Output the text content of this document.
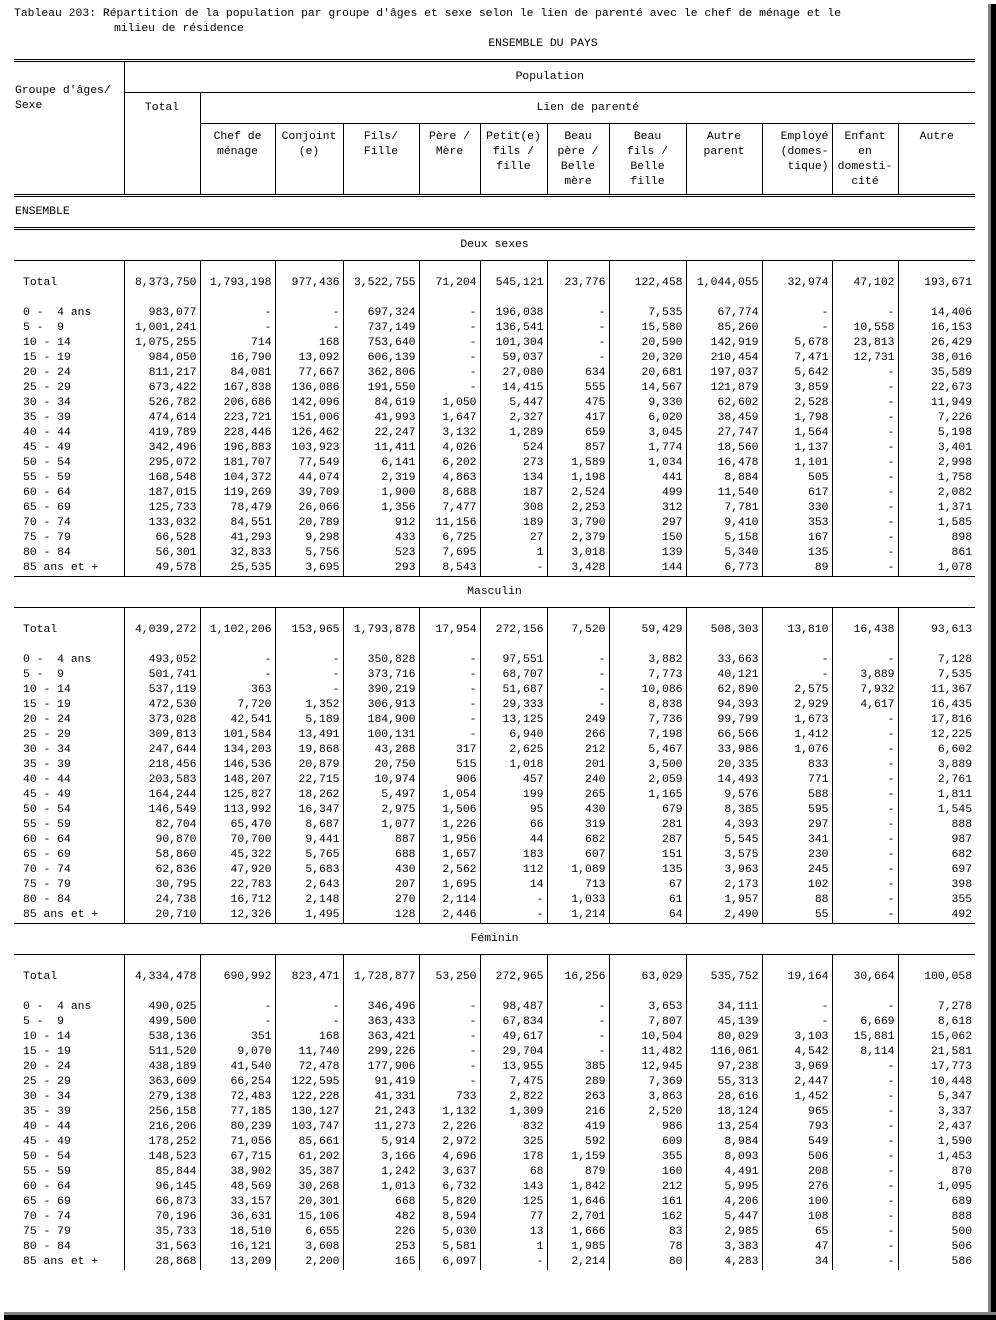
Tableau 203: Répartition de la population par groupe d'âges et sexe selon le lien de parenté avec le chef de ménage et le
milieu de résidence
ENSEMBLE DU PAYS
Groupe d'âges/
Sexe	Population											
	Total	Lien de parenté										

Chef de
ménage

Conjoint
(e)

Fils/
Fille

Père /
Mère

Petit(e)
fils /
fille

Beau
père /
Belle
mère

Beau
fils /
Belle
fille

Autre
parent

Employé
(domes-
tique)

Enfant
en
domesti-
cité

Autre

ENSEMBLE												
Deux sexes												

Total	8,373,750	1,793,198	977,436	3,522,755	71,204	545,121	23,776	122,458	1,044,055	32,974	47,102	193,671

0 -  4 ans	983,077	-	-	697,324	-	196,038	-	7,535	67,774	-	-	14,406
5 -  9	1,001,241	-	-	737,149	-	136,541	-	15,580	85,260	-	10,558	16,153
10 - 14	1,075,255	714	168	753,640	-	101,304	-	20,590	142,919	5,678	23,813	26,429
15 - 19	984,050	16,790	13,092	606,139	-	59,037	-	20,320	210,454	7,471	12,731	38,016
20 - 24	811,217	84,081	77,667	362,806	-	27,080	634	20,681	197,037	5,642	-	35,589
25 - 29	673,422	167,838	136,086	191,550	-	14,415	555	14,567	121,879	3,859	-	22,673
30 - 34	526,782	206,686	142,096	84,619	1,050	5,447	475	9,330	62,602	2,528	-	11,949
35 - 39	474,614	223,721	151,006	41,993	1,647	2,327	417	6,020	38,459	1,798	-	7,226
40 - 44	419,789	228,446	126,462	22,247	3,132	1,289	659	3,045	27,747	1,564	-	5,198
45 - 49	342,496	196,883	103,923	11,411	4,026	524	857	1,774	18,560	1,137	-	3,401
50 - 54	295,072	181,707	77,549	6,141	6,202	273	1,589	1,034	16,478	1,101	-	2,998
55 - 59	168,548	104,372	44,074	2,319	4,863	134	1,198	441	8,884	505	-	1,758
60 - 64	187,015	119,269	39,709	1,900	8,688	187	2,524	499	11,540	617	-	2,082
65 - 69	125,733	78,479	26,066	1,356	7,477	308	2,253	312	7,781	330	-	1,371
70 - 74	133,032	84,551	20,789	912	11,156	189	3,790	297	9,410	353	-	1,585
75 - 79	66,528	41,293	9,298	433	6,725	27	2,379	150	5,158	167	-	898
80 - 84	56,301	32,833	5,756	523	7,695	1	3,018	139	5,340	135	-	861
85 ans et +	49,578	25,535	3,695	293	8,543	-	3,428	144	6,773	89	-	1,078
Masculin												

Total	4,039,272	1,102,206	153,965	1,793,878	17,954	272,156	7,520	59,429	508,303	13,810	16,438	93,613

0 -  4 ans	493,052	-	-	350,828	-	97,551	-	3,882	33,663	-	-	7,128
5 -  9	501,741	-	-	373,716	-	68,707	-	7,773	40,121	-	3,889	7,535
10 - 14	537,119	363	-	390,219	-	51,687	-	10,086	62,890	2,575	7,932	11,367
15 - 19	472,530	7,720	1,352	306,913	-	29,333	-	8,838	94,393	2,929	4,617	16,435
20 - 24	373,028	42,541	5,189	184,900	-	13,125	249	7,736	99,799	1,673	-	17,816
25 - 29	309,813	101,584	13,491	100,131	-	6,940	266	7,198	66,566	1,412	-	12,225
30 - 34	247,644	134,203	19,868	43,288	317	2,625	212	5,467	33,986	1,076	-	6,602
35 - 39	218,456	146,536	20,879	20,750	515	1,018	201	3,500	20,335	833	-	3,889
40 - 44	203,583	148,207	22,715	10,974	906	457	240	2,059	14,493	771	-	2,761
45 - 49	164,244	125,827	18,262	5,497	1,054	199	265	1,165	9,576	588	-	1,811
50 - 54	146,549	113,992	16,347	2,975	1,506	95	430	679	8,385	595	-	1,545
55 - 59	82,704	65,470	8,687	1,077	1,226	66	319	281	4,393	297	-	888
60 - 64	90,870	70,700	9,441	887	1,956	44	682	287	5,545	341	-	987
65 - 69	58,860	45,322	5,765	688	1,657	183	607	151	3,575	230	-	682
70 - 74	62,836	47,920	5,683	430	2,562	112	1,089	135	3,963	245	-	697
75 - 79	30,795	22,783	2,643	207	1,695	14	713	67	2,173	102	-	398
80 - 84	24,738	16,712	2,148	270	2,114	-	1,033	61	1,957	88	-	355
85 ans et +	20,710	12,326	1,495	128	2,446	-	1,214	64	2,490	55	-	492
Féminin												

Total	4,334,478	690,992	823,471	1,728,877	53,250	272,965	16,256	63,029	535,752	19,164	30,664	100,058

0 -  4 ans	490,025	-	-	346,496	-	98,487	-	3,653	34,111	-	-	7,278
5 -  9	499,500	-	-	363,433	-	67,834	-	7,807	45,139	-	6,669	8,618
10 - 14	538,136	351	168	363,421	-	49,617	-	10,504	80,029	3,103	15,881	15,062
15 - 19	511,520	9,070	11,740	299,226	-	29,704	-	11,482	116,061	4,542	8,114	21,581
20 - 24	438,189	41,540	72,478	177,906	-	13,955	385	12,945	97,238	3,969	-	17,773
25 - 29	363,609	66,254	122,595	91,419	-	7,475	289	7,369	55,313	2,447	-	10,448
30 - 34	279,138	72,483	122,228	41,331	733	2,822	263	3,863	28,616	1,452	-	5,347
35 - 39	256,158	77,185	130,127	21,243	1,132	1,309	216	2,520	18,124	965	-	3,337
40 - 44	216,206	80,239	103,747	11,273	2,226	832	419	986	13,254	793	-	2,437
45 - 49	178,252	71,056	85,661	5,914	2,972	325	592	609	8,984	549	-	1,590
50 - 54	148,523	67,715	61,202	3,166	4,696	178	1,159	355	8,093	506	-	1,453
55 - 59	85,844	38,902	35,387	1,242	3,637	68	879	160	4,491	208	-	870
60 - 64	96,145	48,569	30,268	1,013	6,732	143	1,842	212	5,995	276	-	1,095
65 - 69	66,873	33,157	20,301	668	5,820	125	1,646	161	4,206	100	-	689
70 - 74	70,196	36,631	15,106	482	8,594	77	2,701	162	5,447	108	-	888
75 - 79	35,733	18,510	6,655	226	5,030	13	1,666	83	2,985	65	-	500
80 - 84	31,563	16,121	3,608	253	5,581	1	1,985	78	3,383	47	-	506
85 ans et +	28,868	13,209	2,200	165	6,097	-	2,214	80	4,283	34	-	586
